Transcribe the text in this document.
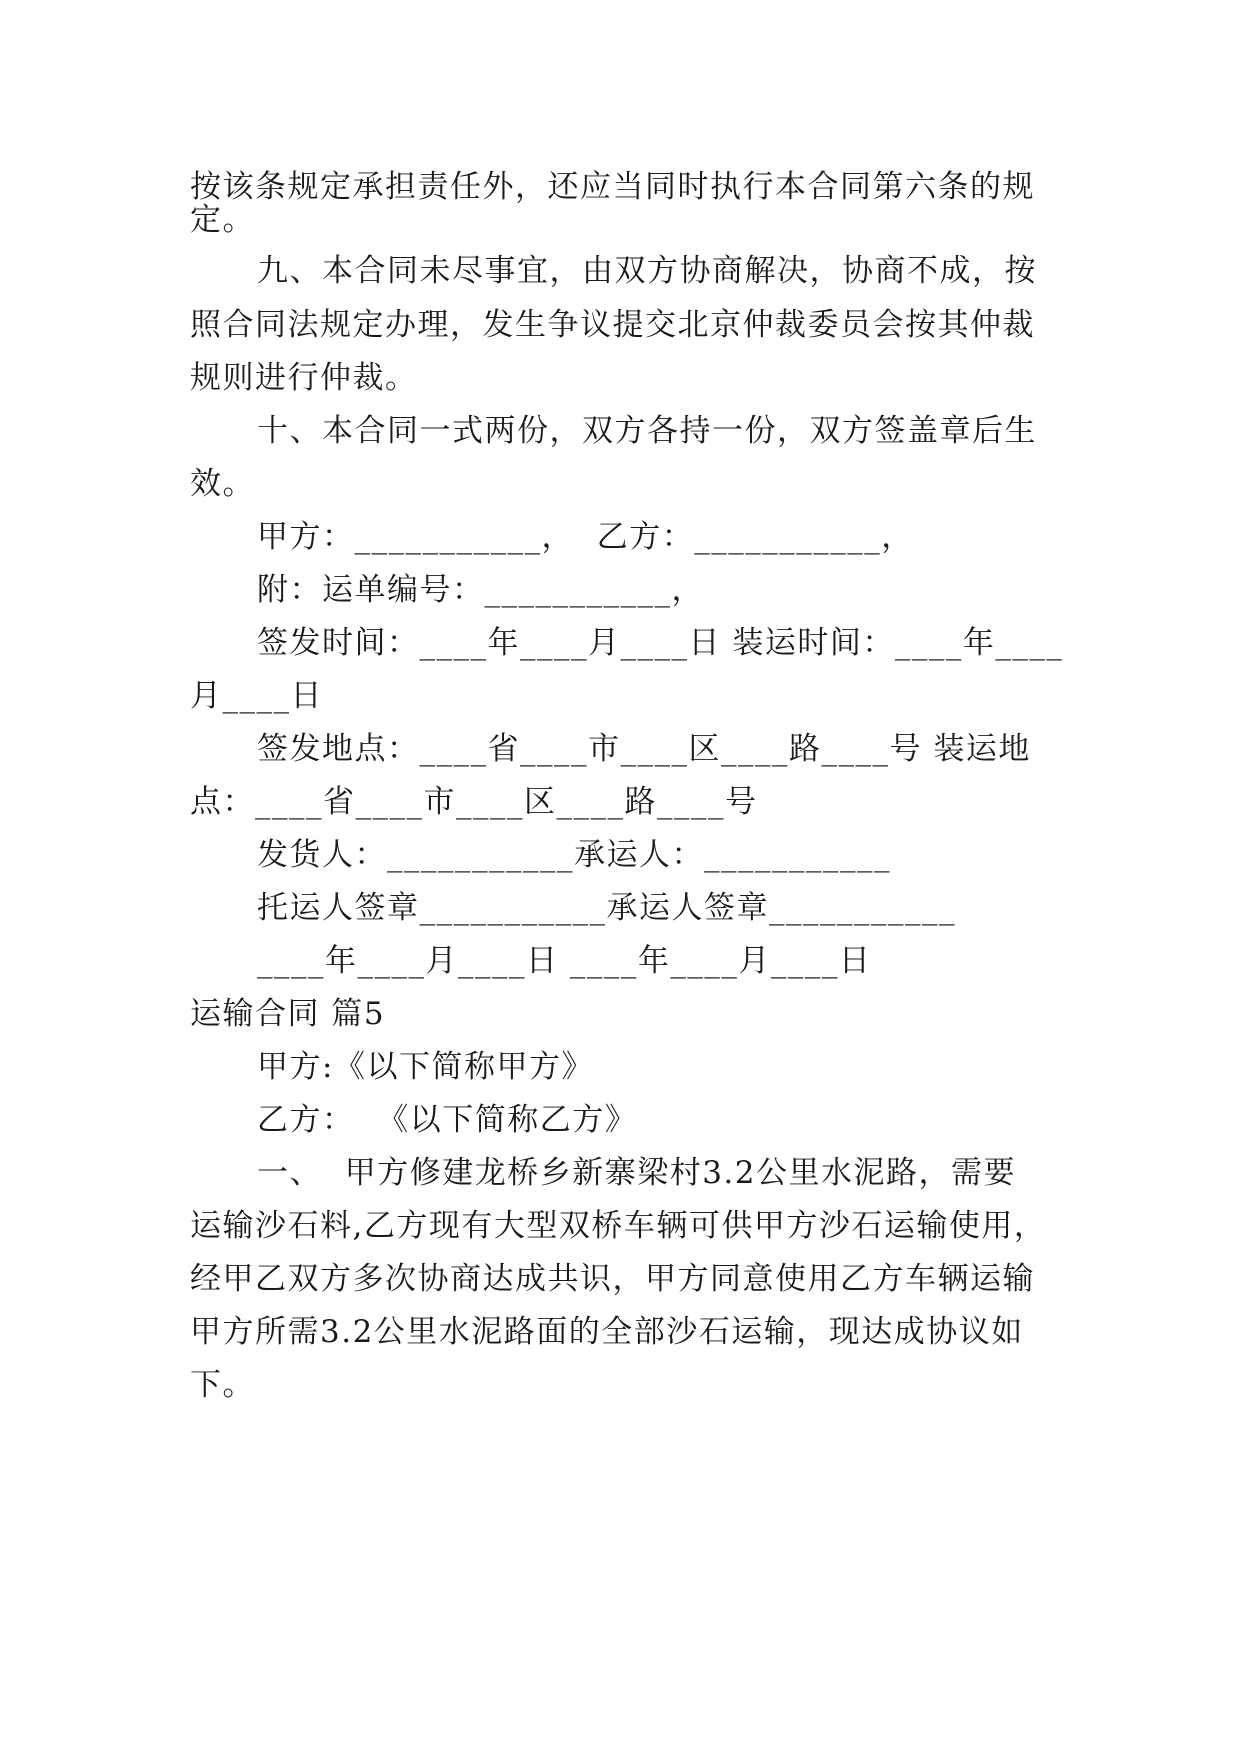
按该条规定承担责任外，还应当同时执行本合同第六条的规
定。
九、本合同未尽事宜，由双方协商解决，协商不成，按
照合同法规定办理，发生争议提交北京仲裁委员会按其仲裁
规则进行仲裁。
十、本合同一式两份，双方各持一份，双方签盖章后生
效。
甲方：___________，  乙方：___________，
附：运单编号：___________，
签发时间：____年____月____日 装运时间：____年____
月____日
签发地点：____省____市____区____路____号 装运地
点：____省____市____区____路____号
发货人：___________承运人：___________
托运人签章___________承运人签章___________
____年____月____日 ____年____月____日
运输合同 篇5
甲方:《以下简称甲方》
乙方：  《以下简称乙方》
一、  甲方修建龙桥乡新寨梁村3.2公里水泥路，需要
运输沙石料,乙方现有大型双桥车辆可供甲方沙石运输使用，
经甲乙双方多次协商达成共识，甲方同意使用乙方车辆运输
甲方所需3.2公里水泥路面的全部沙石运输，现达成协议如
下。
